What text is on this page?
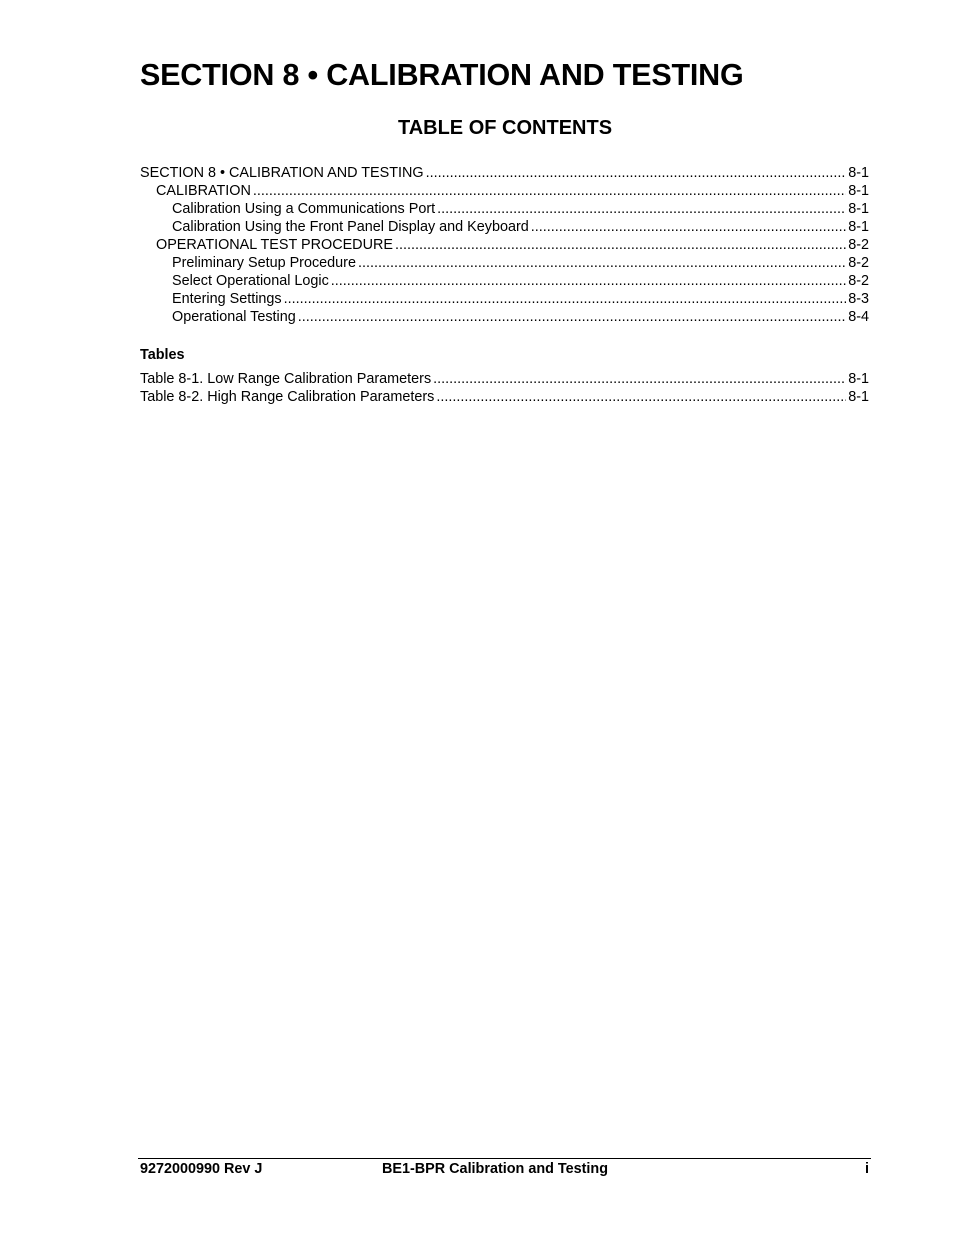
SECTION 8 • CALIBRATION AND TESTING
TABLE OF CONTENTS
SECTION 8 • CALIBRATION AND TESTING .....	8-1
CALIBRATION .....	8-1
Calibration Using a Communications Port .....	8-1
Calibration Using the Front Panel Display and Keyboard .....	8-1
OPERATIONAL TEST PROCEDURE .....	8-2
Preliminary Setup Procedure .....	8-2
Select Operational Logic .....	8-2
Entering Settings .....	8-3
Operational Testing .....	8-4
Tables
Table 8-1. Low Range Calibration Parameters .....	8-1
Table 8-2. High Range Calibration Parameters .....	8-1
9272000990 Rev J	BE1-BPR Calibration and Testing	i
